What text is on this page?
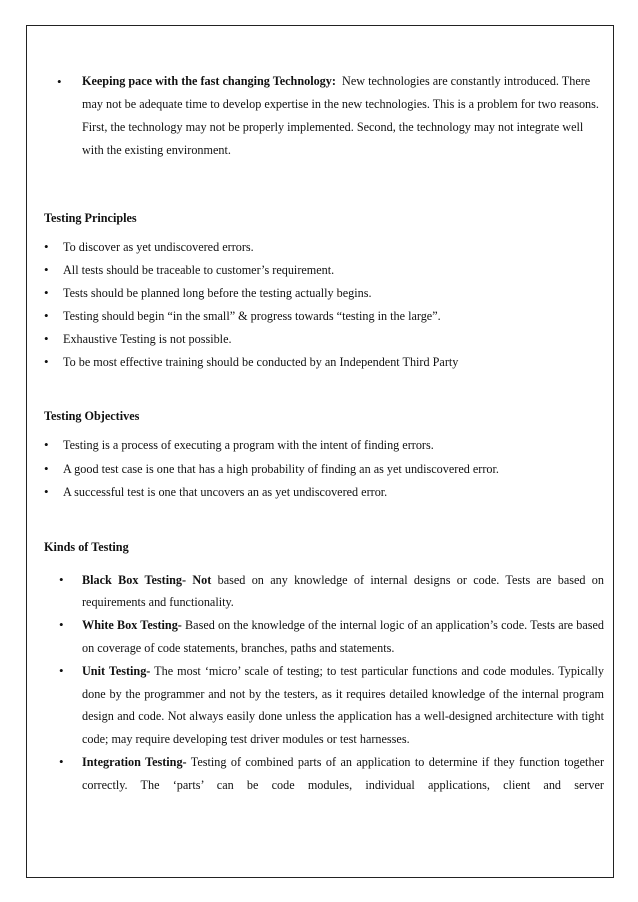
• Keeping pace with the fast changing Technology: New technologies are constantly introduced. There may not be adequate time to develop expertise in the new technologies. This is a problem for two reasons. First, the technology may not be properly implemented. Second, the technology may not integrate well with the existing environment.

Testing Principles

• To discover as yet undiscovered errors.
• All tests should be traceable to customer’s requirement.
• Tests should be planned long before the testing actually begins.
• Testing should begin “in the small” & progress towards “testing in the large”.
• Exhaustive Testing is not possible.
• To be most effective training should be conducted by an Independent Third Party

Testing Objectives

• Testing is a process of executing a program with the intent of finding errors.
• A good test case is one that has a high probability of finding an as yet undiscovered error.
• A successful test is one that uncovers an as yet undiscovered error.

Kinds of Testing

• Black Box Testing- Not based on any knowledge of internal designs or code. Tests are based on requirements and functionality.
• White Box Testing- Based on the knowledge of the internal logic of an application’s code. Tests are based on coverage of code statements, branches, paths and statements.
• Unit Testing- The most ‘micro’ scale of testing; to test particular functions and code modules. Typically done by the programmer and not by the testers, as it requires detailed knowledge of the internal program design and code. Not always easily done unless the application has a well-designed architecture with tight code; may require developing test driver modules or test harnesses.
• Integration Testing- Testing of combined parts of an application to determine if they function together correctly. The ‘parts’ can be code modules, individual applications, client and server
